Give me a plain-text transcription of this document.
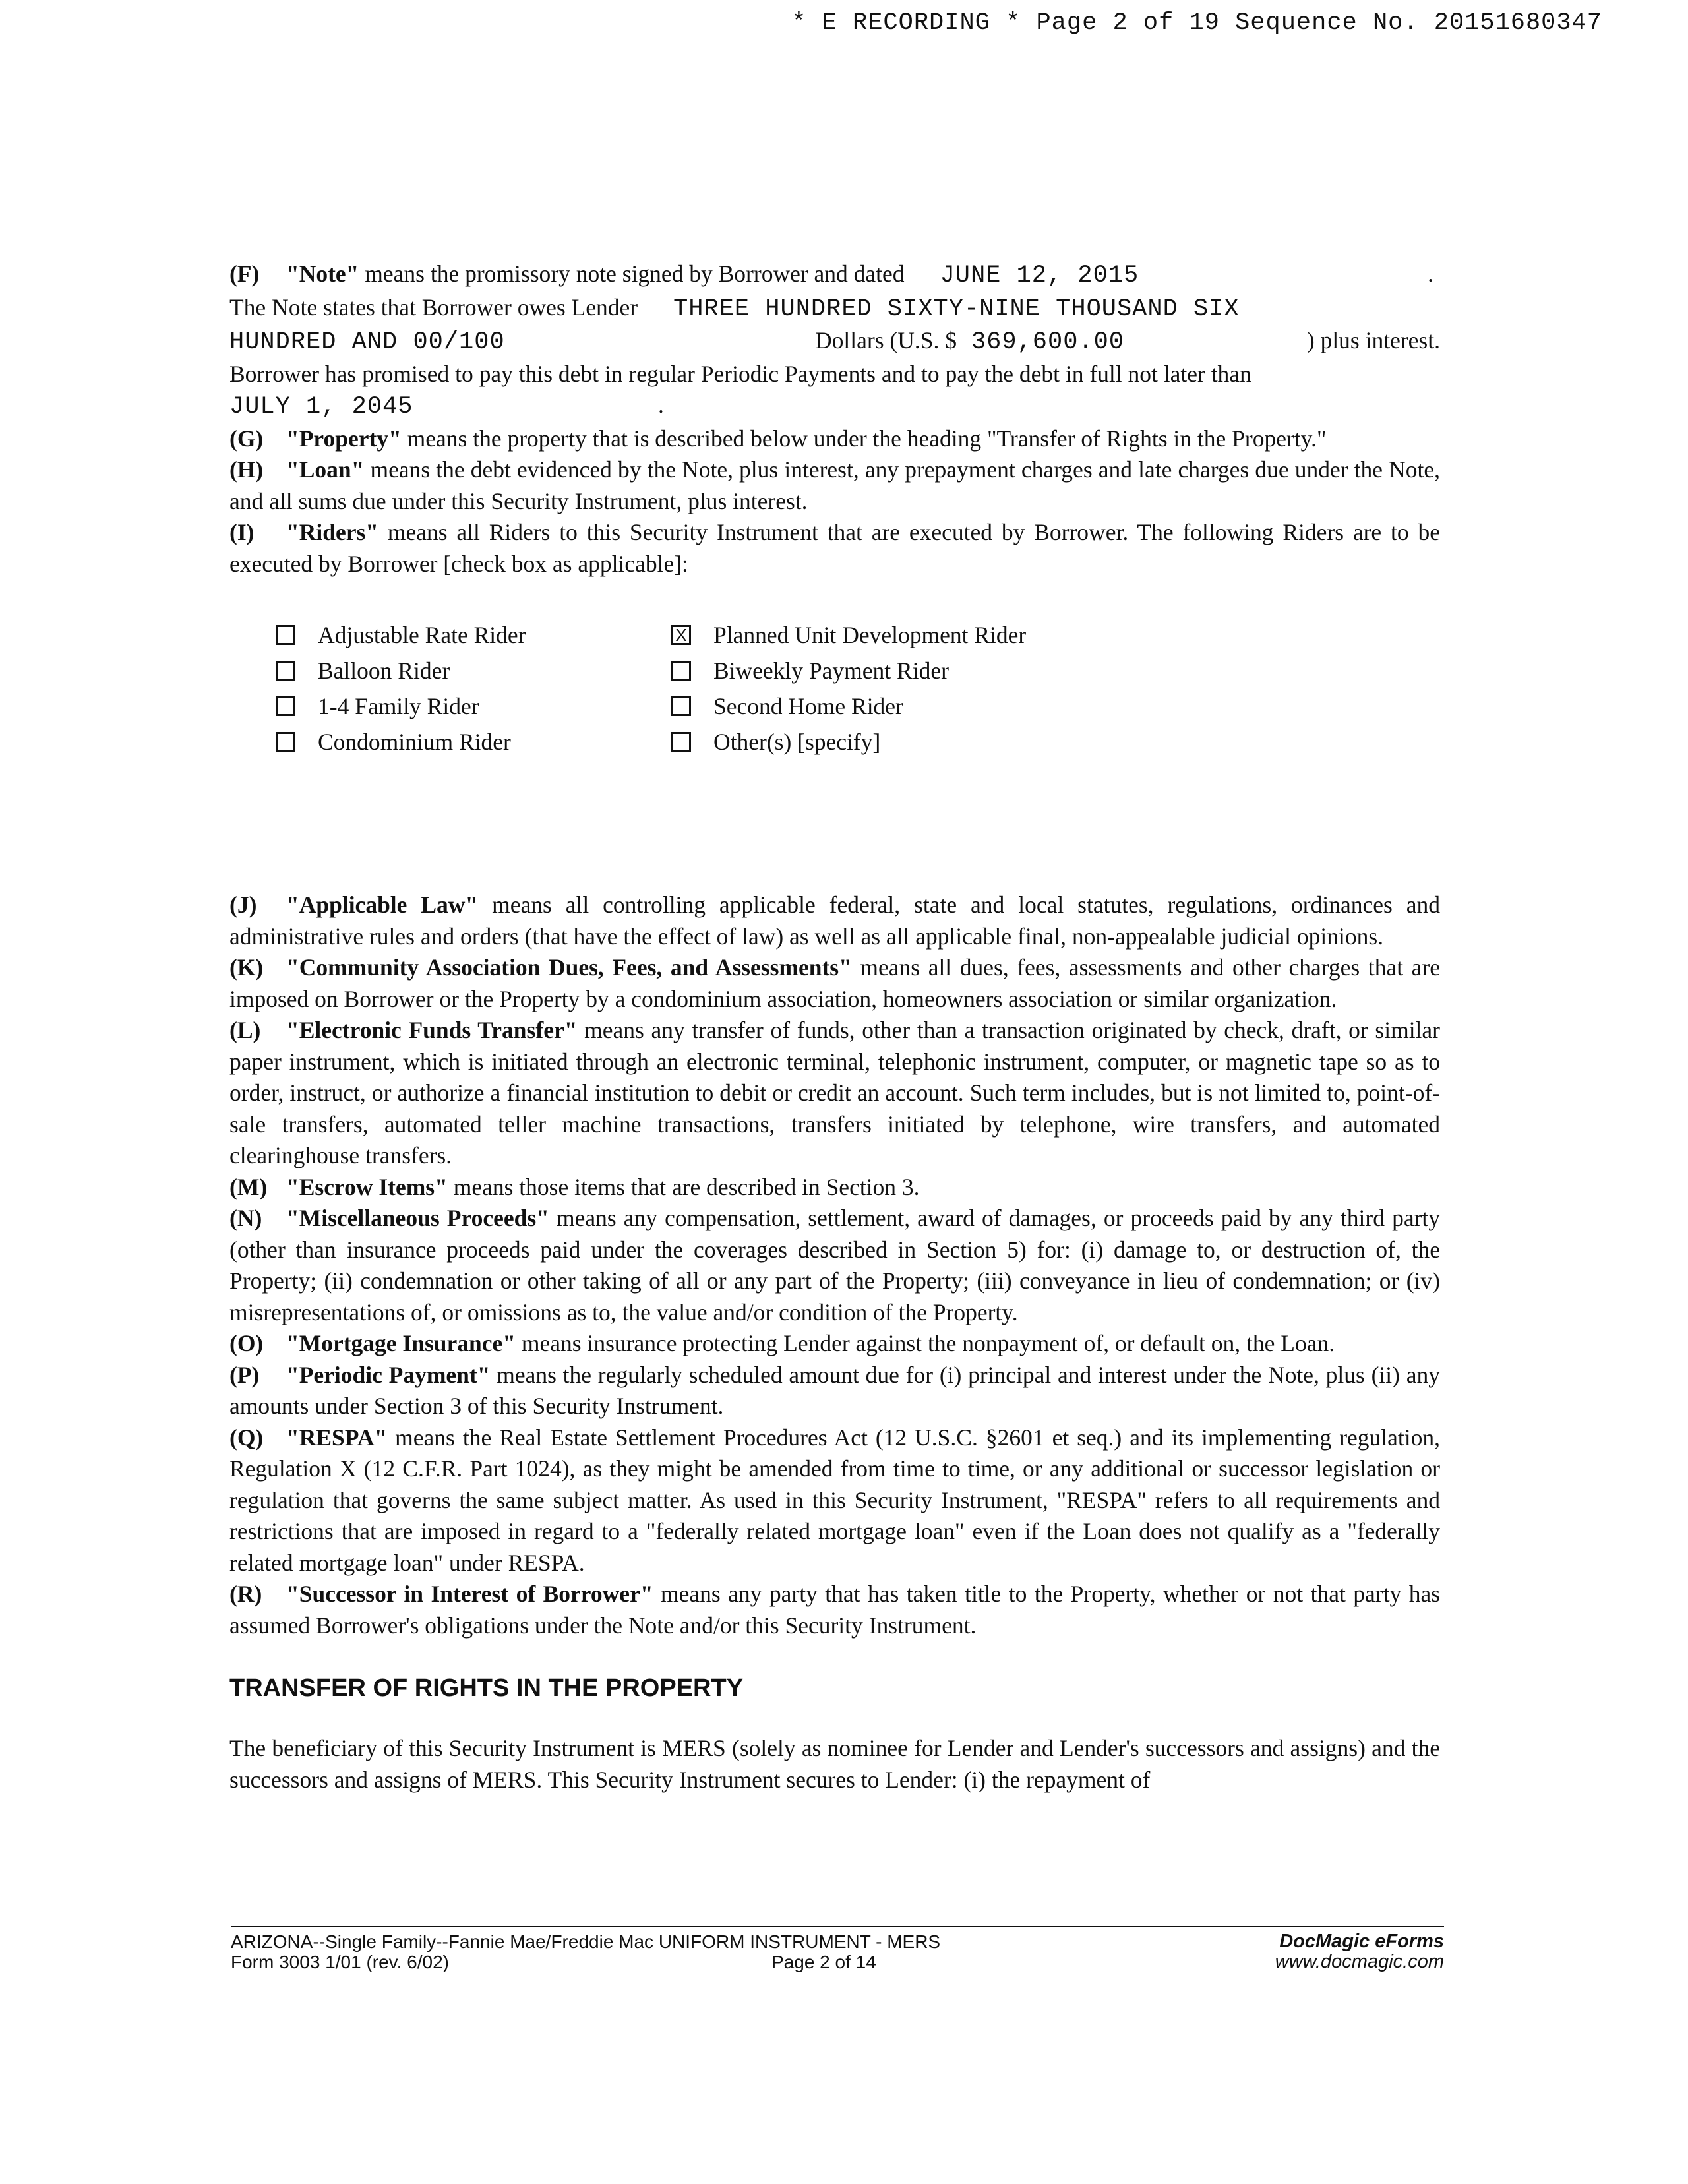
* E RECORDING * Page 2 of 19 Sequence No. 20151680347
(F)	"Note"
means the promissory note signed by Borrower and dated JUNE 12, 2015	.
The Note states that Borrower owes Lender THREE HUNDRED SIXTY-NINE THOUSAND SIX
HUNDRED AND 00/100	Dollars (U.S. $ 369,600.00	) plus interest.

Borrower has promised to pay this debt in regular Periodic Payments and to pay the debt in full not later than

JULY 1, 2045	.

(G) "Property" means the property that is described below under the heading "Transfer of Rights in the Property."

(H) "Loan" means the debt evidenced by the Note, plus interest, any prepayment charges and late charges due under the Note, and all sums due under this Security Instrument, plus interest.

(I) "Riders" means all Riders to this Security Instrument that are executed by Borrower. The following Riders are to be executed by Borrower [check box as applicable]:

Adjustable Rate Rider	X Planned Unit Development Rider
Balloon Rider	Biweekly Payment Rider
1-4 Family Rider	Second Home Rider
Condominium Rider	Other(s) [specify]

(J) "Applicable Law" means all controlling applicable federal, state and local statutes, regulations, ordinances and administrative rules and orders (that have the effect of law) as well as all applicable final, non-appealable judicial opinions.

(K) "Community Association Dues, Fees, and Assessments" means all dues, fees, assessments and other charges that are imposed on Borrower or the Property by a condominium association, homeowners association or similar organization.

(L) "Electronic Funds Transfer" means any transfer of funds, other than a transaction originated by check, draft, or similar paper instrument, which is initiated through an electronic terminal, telephonic instrument, computer, or magnetic tape so as to order, instruct, or authorize a financial institution to debit or credit an account. Such term includes, but is not limited to, point-of-sale transfers, automated teller machine transactions, transfers initiated by telephone, wire transfers, and automated clearinghouse transfers.

(M) "Escrow Items" means those items that are described in Section 3.

(N) "Miscellaneous Proceeds" means any compensation, settlement, award of damages, or proceeds paid by any third party (other than insurance proceeds paid under the coverages described in Section 5) for: (i) damage to, or destruction of, the Property; (ii) condemnation or other taking of all or any part of the Property; (iii) conveyance in lieu of condemnation; or (iv) misrepresentations of, or omissions as to, the value and/or condition of the Property.

(O) "Mortgage Insurance" means insurance protecting Lender against the nonpayment of, or default on, the Loan.

(P) "Periodic Payment" means the regularly scheduled amount due for (i) principal and interest under the Note, plus (ii) any amounts under Section 3 of this Security Instrument.

(Q) "RESPA" means the Real Estate Settlement Procedures Act (12 U.S.C. §2601 et seq.) and its implementing regulation, Regulation X (12 C.F.R. Part 1024), as they might be amended from time to time, or any additional or successor legislation or regulation that governs the same subject matter. As used in this Security Instrument, "RESPA" refers to all requirements and restrictions that are imposed in regard to a "federally related mortgage loan" even if the Loan does not qualify as a "federally related mortgage loan" under RESPA.

(R) "Successor in Interest of Borrower" means any party that has taken title to the Property, whether or not that party has assumed Borrower's obligations under the Note and/or this Security Instrument.

TRANSFER OF RIGHTS IN THE PROPERTY

The beneficiary of this Security Instrument is MERS (solely as nominee for Lender and Lender's successors and assigns) and the successors and assigns of MERS. This Security Instrument secures to Lender: (i) the repayment of

ARIZONA--Single Family--Fannie Mae/Freddie Mac UNIFORM INSTRUMENT - MERS
Form 3003 1/01 (rev. 6/02)	Page 2 of 14
DocMagic eForms
www.docmagic.com
